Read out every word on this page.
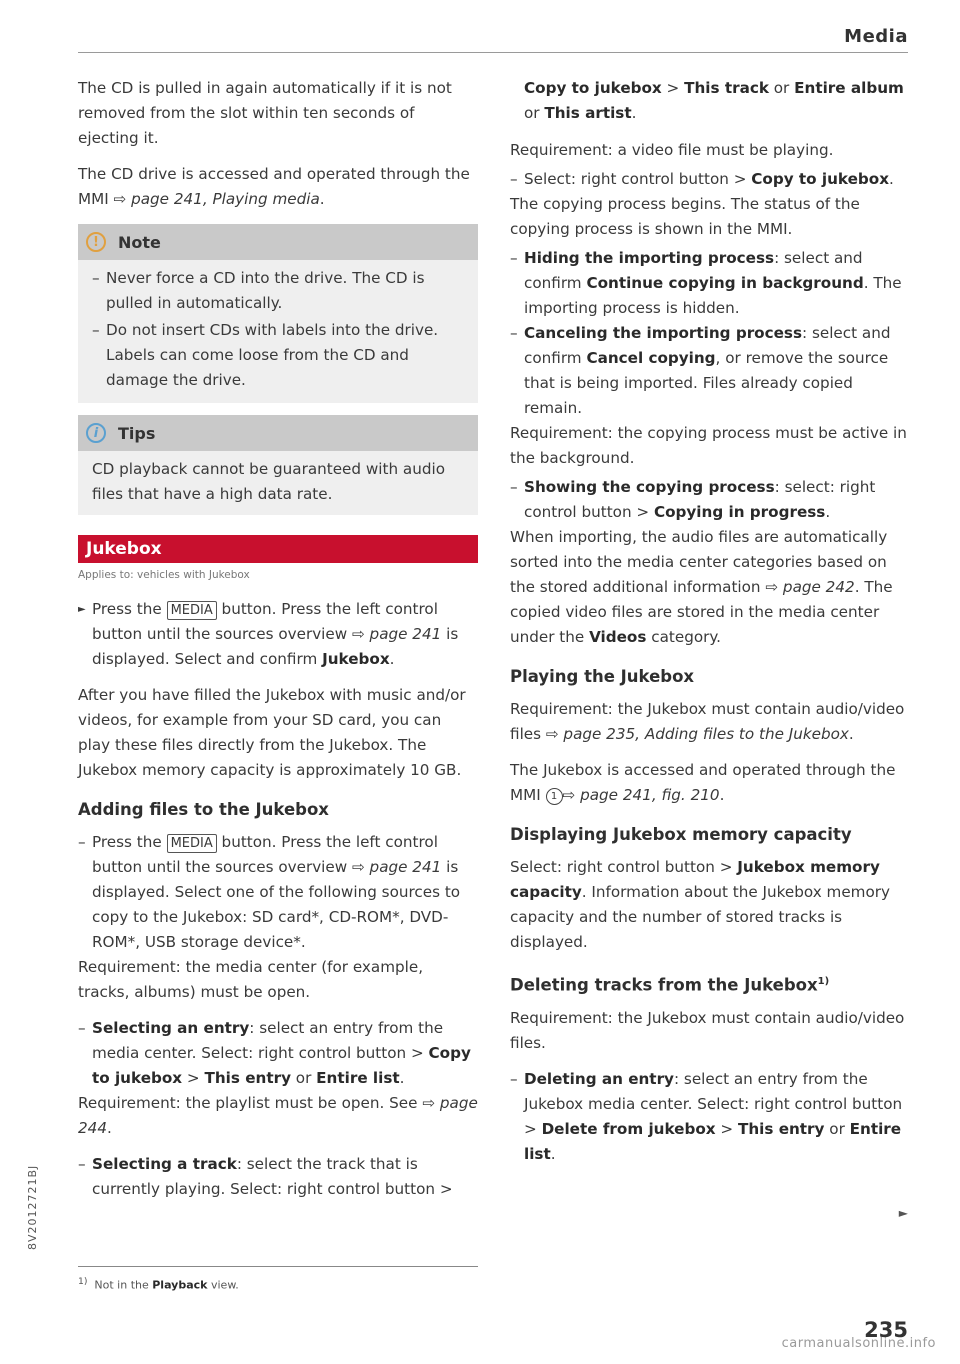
Media

The CD is pulled in again automatically if it is not removed from the slot within ten seconds of ejecting it.

The CD drive is accessed and operated through the MMI ⇨ page 241, Playing media.

!	Note
– Never force a CD into the drive. The CD is pulled in automatically.
– Do not insert CDs with labels into the drive. Labels can come loose from the CD and damage the drive.
i	Tips
CD playback cannot be guaranteed with audio files that have a high data rate.
Jukebox
Applies to: vehicles with Jukebox

► Press the MEDIA button. Press the left control button until the sources overview ⇨ page 241 is displayed. Select and confirm Jukebox.

After you have filled the Jukebox with music and/or videos, for example from your SD card, you can play these files directly from the Jukebox. The Jukebox memory capacity is approximately 10 GB.

Adding files to the Jukebox

– Press the MEDIA button. Press the left control button until the sources overview ⇨ page 241 is displayed. Select one of the following sources to copy to the Jukebox: SD card*, CD-ROM*, DVD-ROM*, USB storage device*.

Requirement: the media center (for example, tracks, albums) must be open.

– Selecting an entry: select an entry from the media center. Select: right control button > Copy to jukebox > This entry or Entire list.

Requirement: the playlist must be open. See ⇨ page 244.

– Selecting a track: select the track that is currently playing. Select: right control button >

$^{1)}$ Not in the Playback view.

Copy to jukebox > This track or Entire album or This artist.

Requirement: a video file must be playing.

– Select: right control button > Copy to jukebox.

The copying process begins. The status of the copying process is shown in the MMI.

– Hiding the importing process: select and confirm Continue copying in background. The importing process is hidden.

– Canceling the importing process: select and confirm Cancel copying, or remove the source that is being imported. Files already copied remain.

Requirement: the copying process must be active in the background.

– Showing the copying process: select: right control button > Copying in progress.

When importing, the audio files are automatically sorted into the media center categories based on the stored additional information ⇨ page 242. The copied video files are stored in the media center under the Videos category.

Playing the Jukebox

Requirement: the Jukebox must contain audio/video files ⇨ page 235, Adding files to the Jukebox.

The Jukebox is accessed and operated through the MMI 1 ⇨ page 241, fig. 210.

Displaying Jukebox memory capacity

Select: right control button > Jukebox memory capacity. Information about the Jukebox memory capacity and the number of stored tracks is displayed.

Deleting tracks from the Jukebox$^{1)}$

Requirement: the Jukebox must contain audio/video files.

– Deleting an entry: select an entry from the Jukebox media center. Select: right control button > Delete from jukebox > This entry or Entire list.

►
235
8V2012721BJ
carmanualsonline.info
